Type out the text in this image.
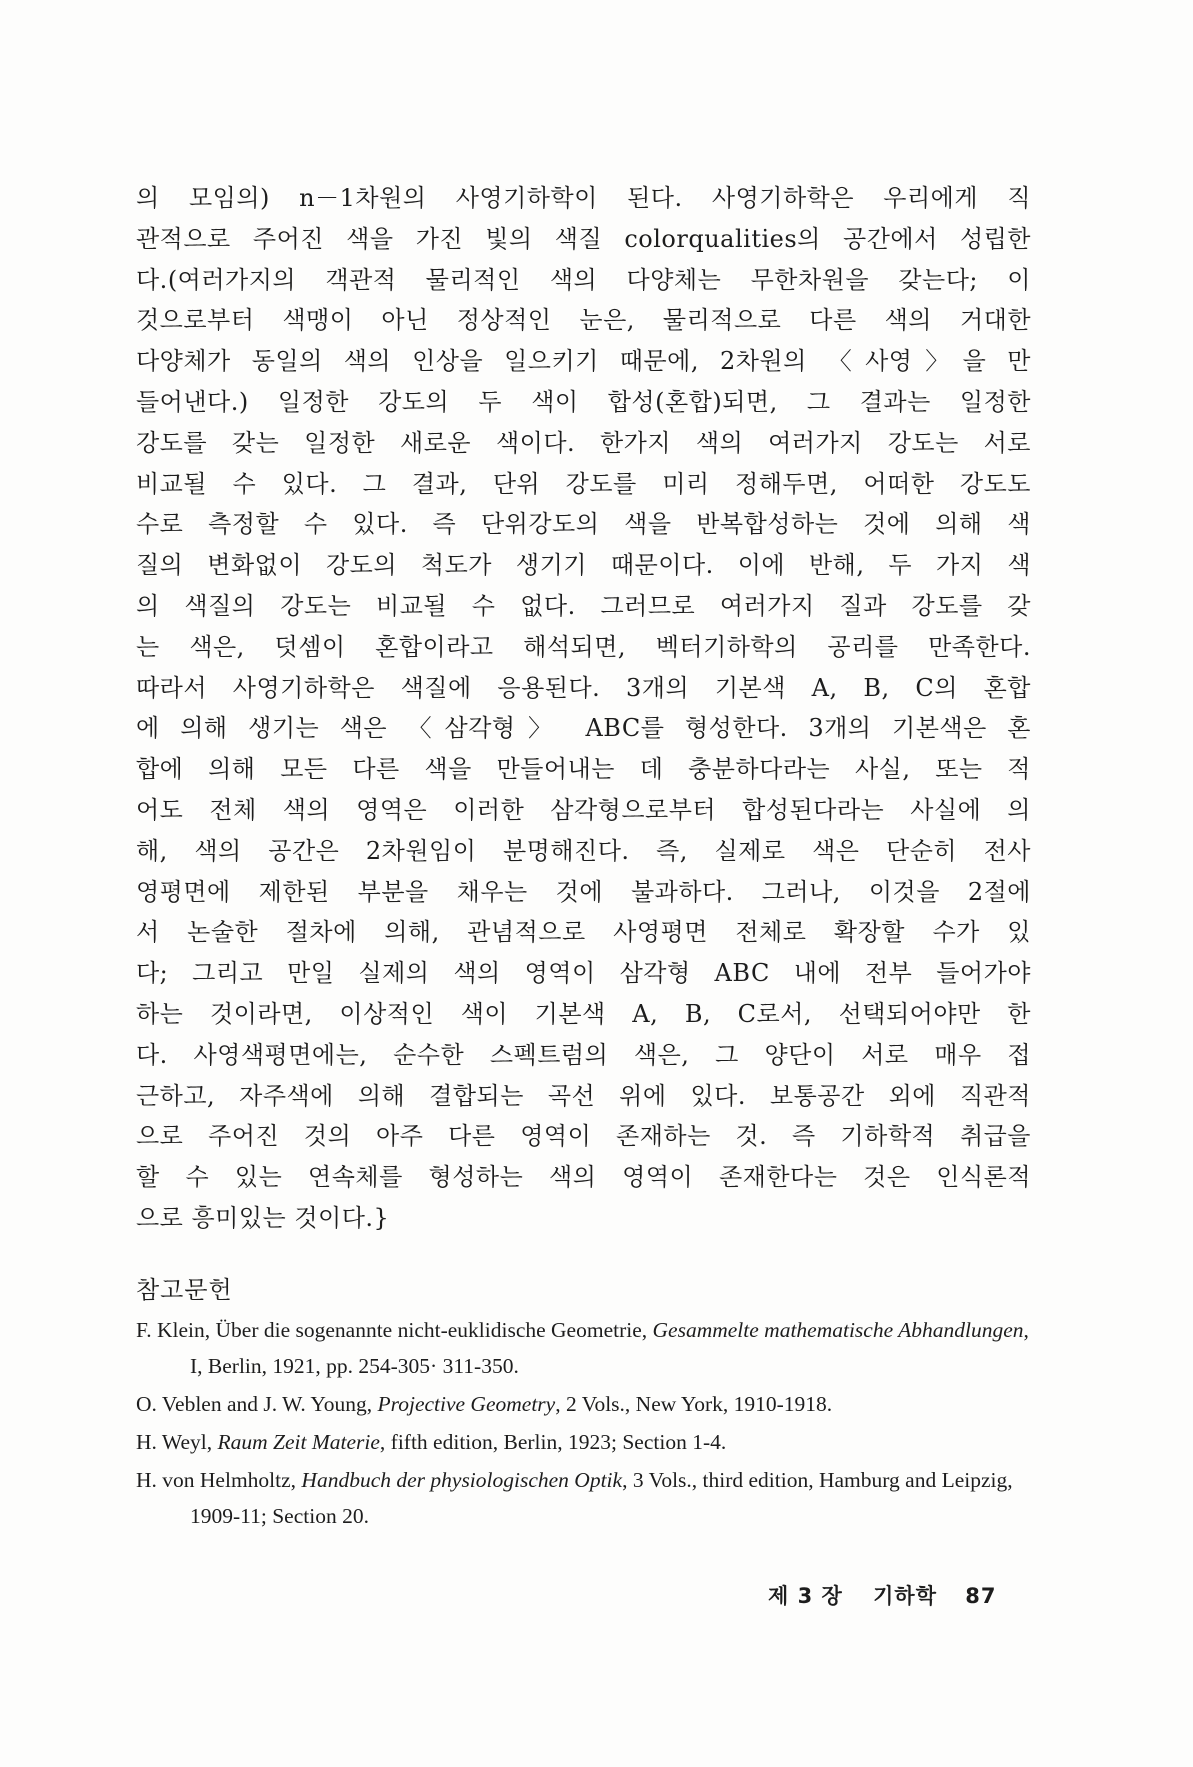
의 모임의) n－1차원의 사영기하학이 된다. 사영기하학은 우리에게 직
관적으로 주어진 색을 가진 빛의 색질 colorqualities의 공간에서 성립한
다.(여러가지의 객관적 물리적인 색의 다양체는 무한차원을 갖는다; 이
것으로부터 색맹이 아닌 정상적인 눈은, 물리적으로 다른 색의 거대한
다양체가 동일의 색의 인상을 일으키기 때문에, 2차원의 〈사영〉을 만
들어낸다.) 일정한 강도의 두 색이 합성(혼합)되면, 그 결과는 일정한
강도를 갖는 일정한 새로운 색이다. 한가지 색의 여러가지 강도는 서로
비교될 수 있다. 그 결과, 단위 강도를 미리 정해두면, 어떠한 강도도
수로 측정할 수 있다. 즉 단위강도의 색을 반복합성하는 것에 의해 색
질의 변화없이 강도의 척도가 생기기 때문이다. 이에 반해, 두 가지 색
의 색질의 강도는 비교될 수 없다. 그러므로 여러가지 질과 강도를 갖
는 색은, 덧셈이 혼합이라고 해석되면, 벡터기하학의 공리를 만족한다.
따라서 사영기하학은 색질에 응용된다. 3개의 기본색 A, B, C의 혼합
에 의해 생기는 색은 〈삼각형〉 ABC를 형성한다. 3개의 기본색은 혼
합에 의해 모든 다른 색을 만들어내는 데 충분하다라는 사실, 또는 적
어도 전체 색의 영역은 이러한 삼각형으로부터 합성된다라는 사실에 의
해, 색의 공간은 2차원임이 분명해진다. 즉, 실제로 색은 단순히 전사
영평면에 제한된 부분을 채우는 것에 불과하다. 그러나, 이것을 2절에
서 논술한 절차에 의해, 관념적으로 사영평면 전체로 확장할 수가 있
다; 그리고 만일 실제의 색의 영역이 삼각형 ABC 내에 전부 들어가야
하는 것이라면, 이상적인 색이 기본색 A, B, C로서, 선택되어야만 한
다. 사영색평면에는, 순수한 스펙트럼의 색은, 그 양단이 서로 매우 접
근하고, 자주색에 의해 결합되는 곡선 위에 있다. 보통공간 외에 직관적
으로 주어진 것의 아주 다른 영역이 존재하는 것. 즉 기하학적 취급을
할 수 있는 연속체를 형성하는 색의 영역이 존재한다는 것은 인식론적
으로 흥미있는 것이다.}
참고문헌
F. Klein, Über die sogenannte nicht-euklidische Geometrie, Gesammelte mathematische Abhandlungen, I, Berlin, 1921, pp. 254-305· 311-350.
O. Veblen and J. W. Young, Projective Geometry, 2 Vols., New York, 1910-1918.
H. Weyl, Raum Zeit Materie, fifth edition, Berlin, 1923; Section 1-4.
H. von Helmholtz, Handbuch der physiologischen Optik, 3 Vols., third edition, Hamburg and Leipzig, 1909-11; Section 20.
제 3 장 기하학 87
